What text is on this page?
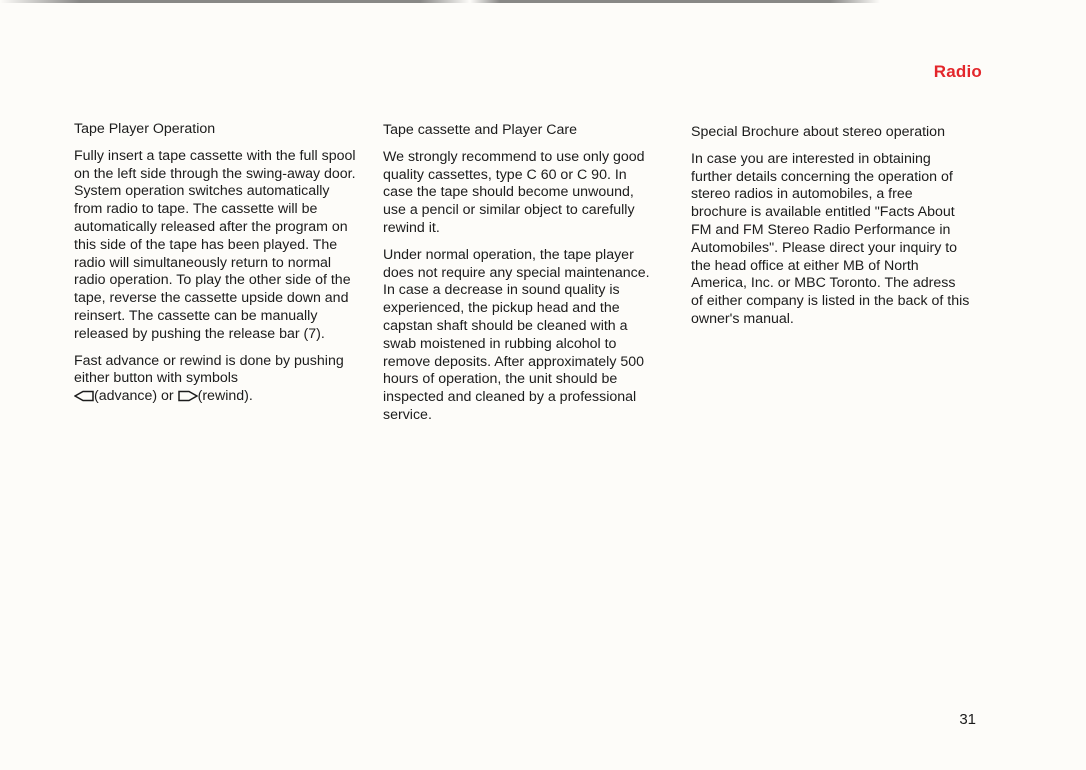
Radio
Tape Player Operation

Fully insert a tape cassette with the full spool on the left side through the swing-away door. System operation switches automatically from radio to tape. The cassette will be automatically released after the program on this side of the tape has been played. The radio will simultaneously return to normal radio operation. To play the other side of the tape, reverse the cassette upside down and reinsert. The cassette can be manually released by pushing the release bar (7).

Fast advance or rewind is done by pushing either button with symbols
(advance) or (rewind).

Tape cassette and Player Care

We strongly recommend to use only good quality cassettes, type C 60 or C 90. In case the tape should become unwound, use a pencil or similar object to carefully rewind it.

Under normal operation, the tape player does not require any special maintenance. In case a decrease in sound quality is experienced, the pickup head and the capstan shaft should be cleaned with a swab moistened in rubbing alcohol to remove deposits. After approximately 500 hours of operation, the unit should be inspected and cleaned by a professional service.

Special Brochure about stereo operation

In case you are interested in obtaining further details concerning the operation of stereo radios in automobiles, a free brochure is available entitled "Facts About FM and FM Stereo Radio Performance in Automobiles". Please direct your inquiry to the head office at either MB of North America, Inc. or MBC Toronto. The adress of either company is listed in the back of this owner's manual.

31
